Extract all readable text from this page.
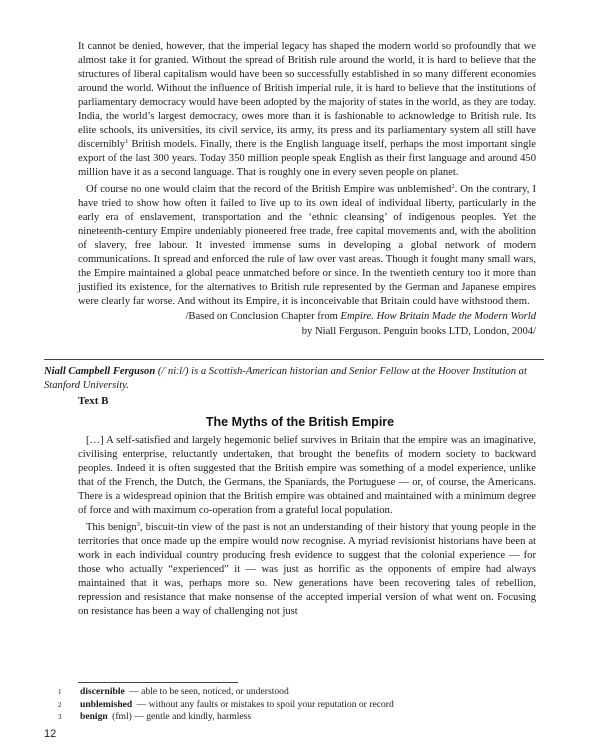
It cannot be denied, however, that the imperial legacy has shaped the modern world so profoundly that we almost take it for granted. Without the spread of British rule around the world, it is hard to believe that the structures of liberal capitalism would have been so successfully established in so many different economies around the world. Without the influence of British imperial rule, it is hard to believe that the institutions of parliamentary democracy would have been adopted by the majority of states in the world, as they are today. India, the world’s largest democracy, owes more than it is fashionable to acknowledge to British rule. Its elite schools, its universities, its civil service, its army, its press and its parliamentary system all still have discernibly$^1$ British models. Finally, there is the English language itself, perhaps the most important single export of the last 300 years. Today 350 million people speak English as their first language and around 450 million have it as a second language. That is roughly one in every seven people on planet.

Of course no one would claim that the record of the British Empire was unblemished$^2$. On the contrary, I have tried to show how often it failed to live up to its own ideal of individual liberty, particularly in the early era of enslavement, transportation and the ‘ethnic cleansing’ of indigenous peoples. Yet the nineteenth-century Empire undeniably pioneered free trade, free capital movements and, with the abolition of slavery, free labour. It invested immense sums in developing a global network of modern communications. It spread and enforced the rule of law over vast areas. Though it fought many small wars, the Empire maintained a global peace unmatched before or since. In the twentieth century too it more than justified its existence, for the alternatives to British rule represented by the German and Japanese empires were clearly far worse. And without its Empire, it is inconceivable that Britain could have withstood them.

/Based on Conclusion Chapter from Empire. How Britain Made the Modern World
by Niall Ferguson. Penguin books LTD, London, 2004/

Niall Campbell Ferguson (/ˈniːl/) is a Scottish-American historian and Senior Fellow at the Hoover Institution at Stanford University.

Text B
The Myths of the British Empire

[…] A self-satisfied and largely hegemonic belief survives in Britain that the empire was an imaginative, civilising enterprise, reluctantly undertaken, that brought the benefits of modern society to backward peoples. Indeed it is often suggested that the British empire was something of a model experience, unlike that of the French, the Dutch, the Germans, the Spaniards, the Portuguese — or, of course, the Americans. There is a widespread opinion that the British empire was obtained and maintained with a minimum degree of force and with maximum co-operation from a grateful local population.

This benign$^3$, biscuit-tin view of the past is not an understanding of their history that young people in the territories that once made up the empire would now recognise. A myriad revisionist historians have been at work in each individual country producing fresh evidence to suggest that the colonial experience — for those who actually “experienced” it — was just as horrific as the opponents of empire had always maintained that it was, perhaps more so. New generations have been recovering tales of rebellion, repression and resistance that make nonsense of the accepted imperial version of what went on. Focusing on resistance has been a way of challenging not just

1	discernible — able to be seen, noticed, or understood
2	unblemished — without any faults or mistakes to spoil your reputation or record
3	benign (fml) — gentle and kindly, harmless
12
